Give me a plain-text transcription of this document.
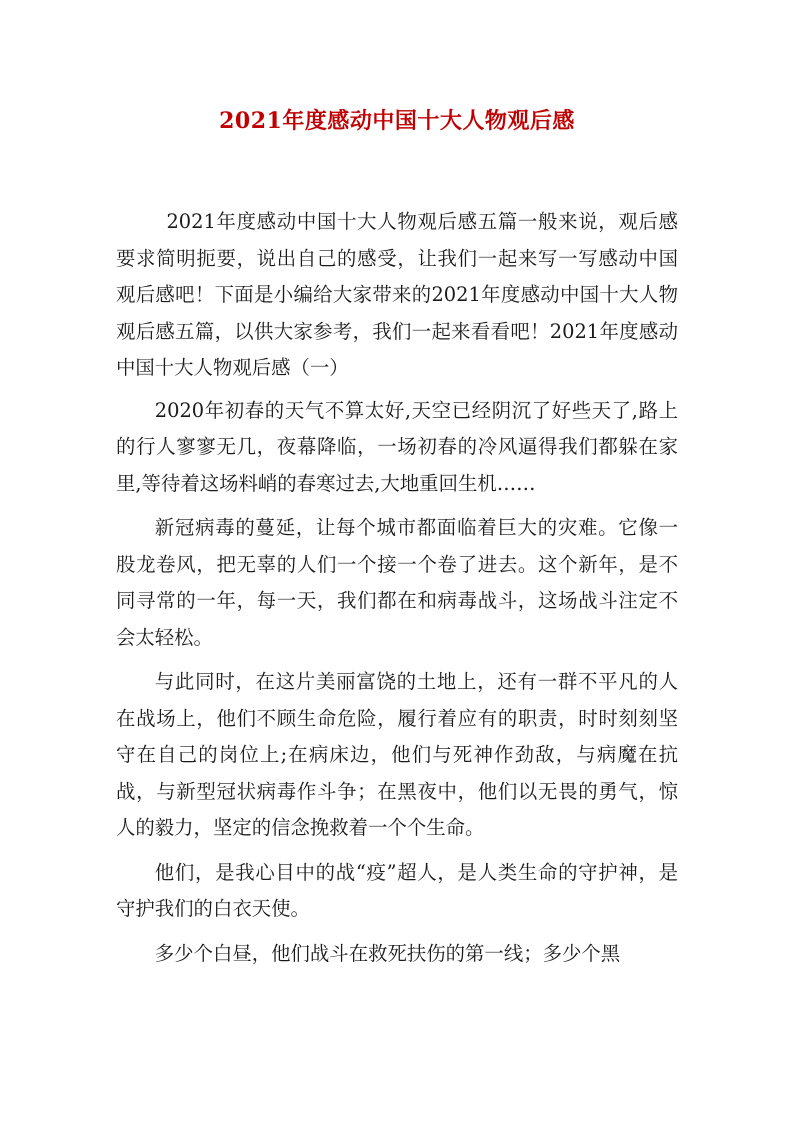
2021年度感动中国十大人物观后感

2021年度感动中国十大人物观后感五篇一般来说，观后感要求简明扼要，说出自己的感受，让我们一起来写一写感动中国观后感吧！下面是小编给大家带来的2021年度感动中国十大人物观后感五篇，以供大家参考，我们一起来看看吧！2021年度感动中国十大人物观后感（一）

2020年初春的天气不算太好,天空已经阴沉了好些天了,路上的行人寥寥无几，夜幕降临，一场初春的冷风逼得我们都躲在家里,等待着这场料峭的春寒过去,大地重回生机……

新冠病毒的蔓延，让每个城市都面临着巨大的灾难。它像一股龙卷风，把无辜的人们一个接一个卷了进去。这个新年，是不同寻常的一年，每一天，我们都在和病毒战斗，这场战斗注定不会太轻松。

与此同时，在这片美丽富饶的土地上，还有一群不平凡的人在战场上，他们不顾生命危险，履行着应有的职责，时时刻刻坚守在自己的岗位上;在病床边，他们与死神作劲敌，与病魔在抗战，与新型冠状病毒作斗争；在黑夜中，他们以无畏的勇气，惊人的毅力，坚定的信念挽救着一个个生命。

他们，是我心目中的战“疫”超人，是人类生命的守护神，是守护我们的白衣天使。

多少个白昼，他们战斗在救死扶伤的第一线；多少个黑
